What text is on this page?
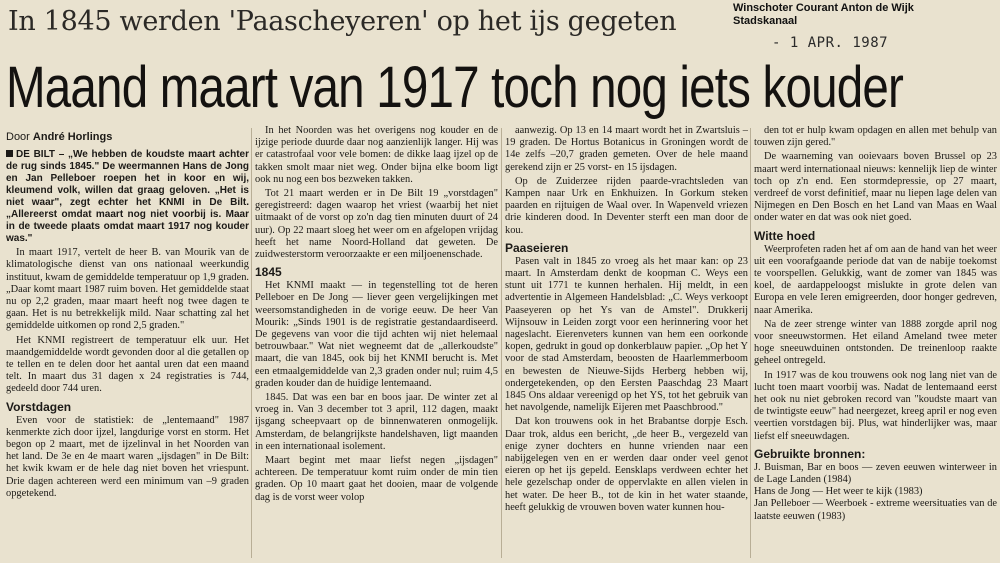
In 1845 werden 'Paascheyeren' op het ijs gegeten	Winschoter Courant Anton de Wijk
Stadskanaal
- 1 APR. 1987
Maand maart van 1917 toch nog iets kouder
Door André Horlings

DE BILT – „We hebben de koudste maart achter de rug sinds 1845." De weermannen Hans de Jong en Jan Pelleboer roepen het in koor en wij, kleumend volk, willen dat graag geloven. „Het is niet waar", zegt echter het KNMI in De Bilt. „Allereerst omdat maart nog niet voorbij is. Maar in de tweede plaats omdat maart 1917 nog kouder was."

In maart 1917, vertelt de heer B. van Mourik van de klimatologische dienst van ons nationaal weerkundig instituut, kwam de gemiddelde temperatuur op 1,9 graden. „Daar komt maart 1987 ruim boven. Het gemiddelde staat nu op 2,2 graden, maar maart heeft nog twee dagen te gaan. Het is nu betrekkelijk mild. Naar schatting zal het gemiddelde uitkomen op rond 2,5 graden."

Het KNMI registreert de temperatuur elk uur. Het maandgemiddelde wordt gevonden door al die getallen op te tellen en te delen door het aantal uren dat een maand telt. In maart dus 31 dagen x 24 registraties is 744, gedeeld door 744 uren.

Vorstdagen

Even voor de statistiek: de „lentemaand" 1987 kenmerkte zich door ijzel, langdurige vorst en storm. Het begon op 2 maart, met de ijzelinval in het Noorden van het land. De 3e en 4e maart waren „ijsdagen" in De Bilt: het kwik kwam er de hele dag niet boven het vriespunt. Drie dagen achtereen werd een minimum van –9 graden opgetekend.

In het Noorden was het overigens nog kouder en de ijzige periode duurde daar nog aanzienlijk langer. Hij was er catastrofaal voor vele bomen: de dikke laag ijzel op de takken smolt maar niet weg. Onder bijna elke boom ligt ook nu nog een bos bezweken takken.

Tot 21 maart werden er in De Bilt 19 „vorstdagen" geregistreerd: dagen waarop het vriest (waarbij het niet uitmaakt of de vorst op zo'n dag tien minuten duurt of 24 uur). Op 22 maart sloeg het weer om en afgelopen vrijdag heeft het name Noord-Holland dat geweten. De zuidwesterstorm veroorzaakte er een miljoenenschade.

1845

Het KNMI maakt — in tegenstelling tot de heren Pelleboer en De Jong — liever geen vergelijkingen met weersomstandigheden in de vorige eeuw. De heer Van Mourik: „Sinds 1901 is de registratie gestandaardiseerd. De gegevens van voor die tijd achten wij niet helemaal betrouwbaar." Wat niet wegneemt dat de „allerkoudste" maart, die van 1845, ook bij het KNMI berucht is. Met een etmaalgemiddelde van 2,3 graden onder nul; ruim 4,5 graden kouder dan de huidige lentemaand.

1845. Dat was een bar en boos jaar. De winter zet al vroeg in. Van 3 december tot 3 april, 112 dagen, maakt ijsgang scheepvaart op de binnenwateren onmogelijk. Amsterdam, de belangrijkste handelshaven, ligt maanden in een internationaal isolement.

Maart begint met maar liefst negen „ijsdagen" achtereen. De temperatuur komt ruim onder de min tien graden. Op 10 maart gaat het dooien, maar de volgende dag is de vorst weer volop

aanwezig. Op 13 en 14 maart wordt het in Zwartsluis –19 graden. De Hortus Botanicus in Groningen wordt de 14e zelfs –20,7 graden gemeten. Over de hele maand gerekend zijn er 25 vorst- en 15 ijsdagen.

Op de Zuiderzee rijden paarde-vrachtsleden van Kampen naar Urk en Enkhuizen. In Gorkum steken paarden en rijtuigen de Waal over. In Wapenveld vriezen drie kinderen dood. In Deventer sterft een man door de kou.

Paaseieren

Pasen valt in 1845 zo vroeg als het maar kan: op 23 maart. In Amsterdam denkt de koopman C. Weys een stunt uit 1771 te kunnen herhalen. Hij meldt, in een advertentie in Algemeen Handelsblad: „C. Weys verkoopt Paaseyeren op het Ys van de Amstel". Drukkerij Wijnsouw in Leiden zorgt voor een herinnering voor het nageslacht. Eierenveters kunnen van hem een oorkonde kopen, gedrukt in goud op donkerblauw papier. „Op het Y voor de stad Amsterdam, beoosten de Haarlemmerboom en bewesten de Nieuwe-Sijds Herberg hebben wij, ondergetekenden, op den Eersten Paaschdag 23 Maart 1845 Ons aldaar vereenigd op het YS, tot het gebruik van het navolgende, namelijk Eijeren met Paaschbrood."

Dat kon trouwens ook in het Brabantse dorpje Esch. Daar trok, aldus een bericht, „de heer B., vergezeld van enige zyner dochters en hunne vrienden naar een nabijgelegen ven en er werden daar onder veel genot eieren op het ijs gepeld. Eensklaps verdween echter het hele gezelschap onder de oppervlakte en allen vielen in het water. De heer B., tot de kin in het water staande, heeft gelukkig de vrouwen boven water kunnen hou-

den tot er hulp kwam opdagen en allen met behulp van touwen zijn gered."

De waarneming van ooievaars boven Brussel op 23 maart werd internationaal nieuws: kennelijk liep de winter toch op z'n end. Een stormdepressie, op 27 maart, verdreef de vorst definitief, maar nu liepen lage delen van Nijmegen en Den Bosch en het Land van Maas en Waal onder water en dat was ook niet goed.

Witte hoed

Weerprofeten raden het af om aan de hand van het weer uit een voorafgaande periode dat van de nabije toekomst te voorspellen. Gelukkig, want de zomer van 1845 was koel, de aardappeloogst mislukte in grote delen van Europa en vele Ieren emigreerden, door honger gedreven, naar Amerika.

Na de zeer strenge winter van 1888 zorgde april nog voor sneeuwstormen. Het eiland Ameland twee meter hoge sneeuwduinen ontstonden. De treinenloop raakte geheel ontregeld.

In 1917 was de kou trouwens ook nog lang niet van de lucht toen maart voorbij was. Nadat de lentemaand eerst het ook nu niet gebroken record van "koudste maart van de twintigste eeuw" had neergezet, kreeg april er nog even veertien vorstdagen bij. Plus, wat hinderlijker was, maar liefst elf sneeuwdagen.

Gebruikte bronnen:

J. Buisman, Bar en boos — zeven eeuwen winterweer in de Lage Landen (1984)

Hans de Jong — Het weer te kijk (1983)

Jan Pelleboer — Weerboek - extreme weersituaties van de laatste eeuwen (1983)
